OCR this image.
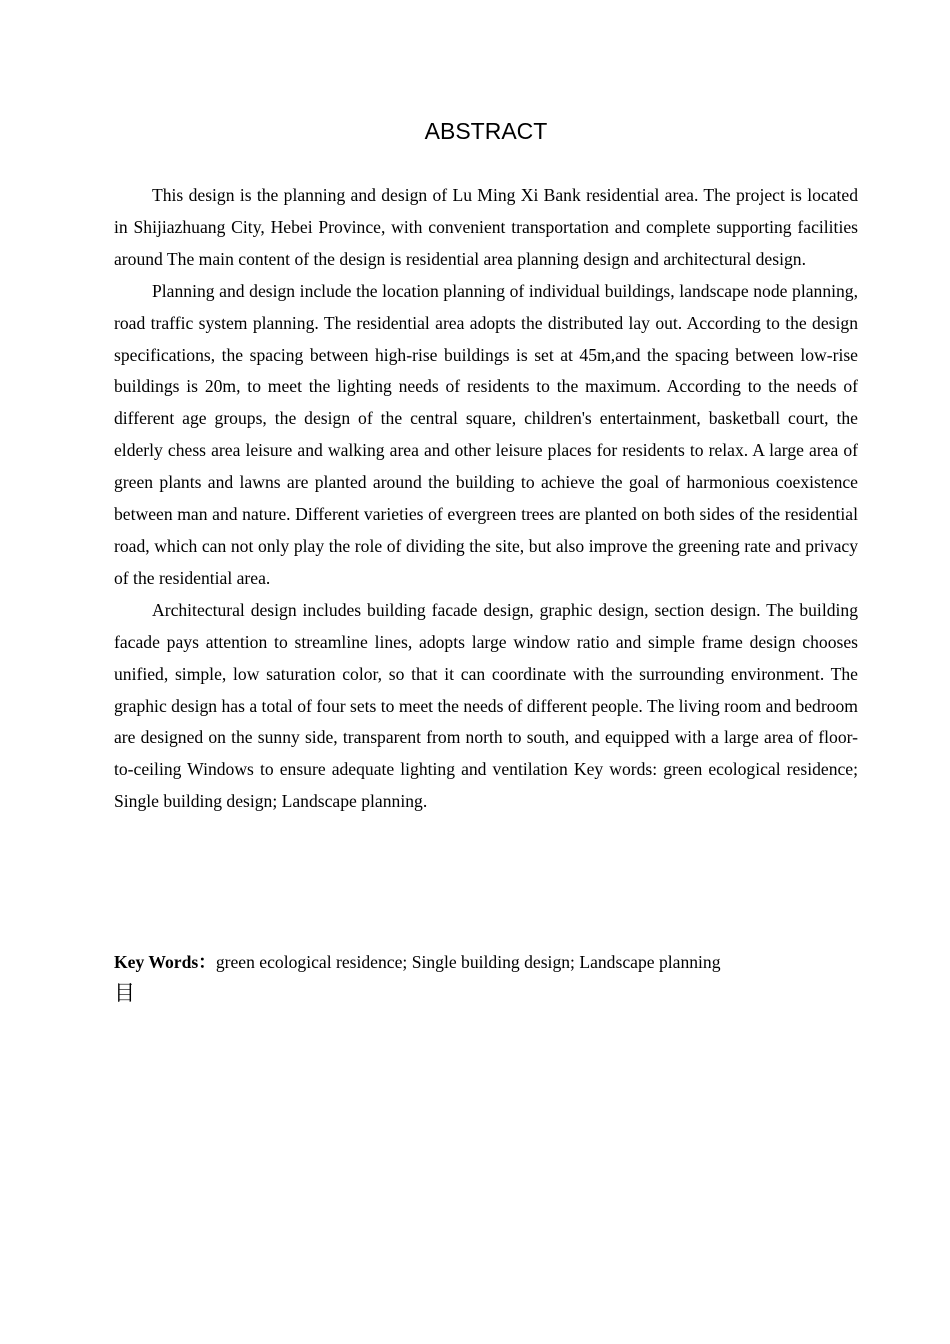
ABSTRACT

This design is the planning and design of Lu Ming Xi Bank residential area. The project is located in Shijiazhuang City, Hebei Province, with convenient transportation and complete supporting facilities around The main content of the design is residential area planning design and architectural design.

Planning and design include the location planning of individual buildings, landscape node planning, road traffic system planning. The residential area adopts the distributed lay out. According to the design specifications, the spacing between high-rise buildings is set at 45m,and the spacing between low-rise buildings is 20m, to meet the lighting needs of residents to the maximum. According to the needs of different age groups, the design of the central square, children's entertainment, basketball court, the elderly chess area leisure and walking area and other leisure places for residents to relax. A large area of green plants and lawns are planted around the building to achieve the goal of harmonious coexistence between man and nature. Different varieties of evergreen trees are planted on both sides of the residential road, which can not only play the role of dividing the site, but also improve the greening rate and privacy of the residential area.

Architectural design includes building facade design, graphic design, section design. The building facade pays attention to streamline lines, adopts large window ratio and simple frame design chooses unified, simple, low saturation color, so that it can coordinate with the surrounding environment. The graphic design has a total of four sets to meet the needs of different people. The living room and bedroom are designed on the sunny side, transparent from north to south, and equipped with a large area of floor-to-ceiling Windows to ensure adequate lighting and ventilation Key words: green ecological residence; Single building design; Landscape planning.

Key Words：green ecological residence; Single building design; Landscape planning

目
